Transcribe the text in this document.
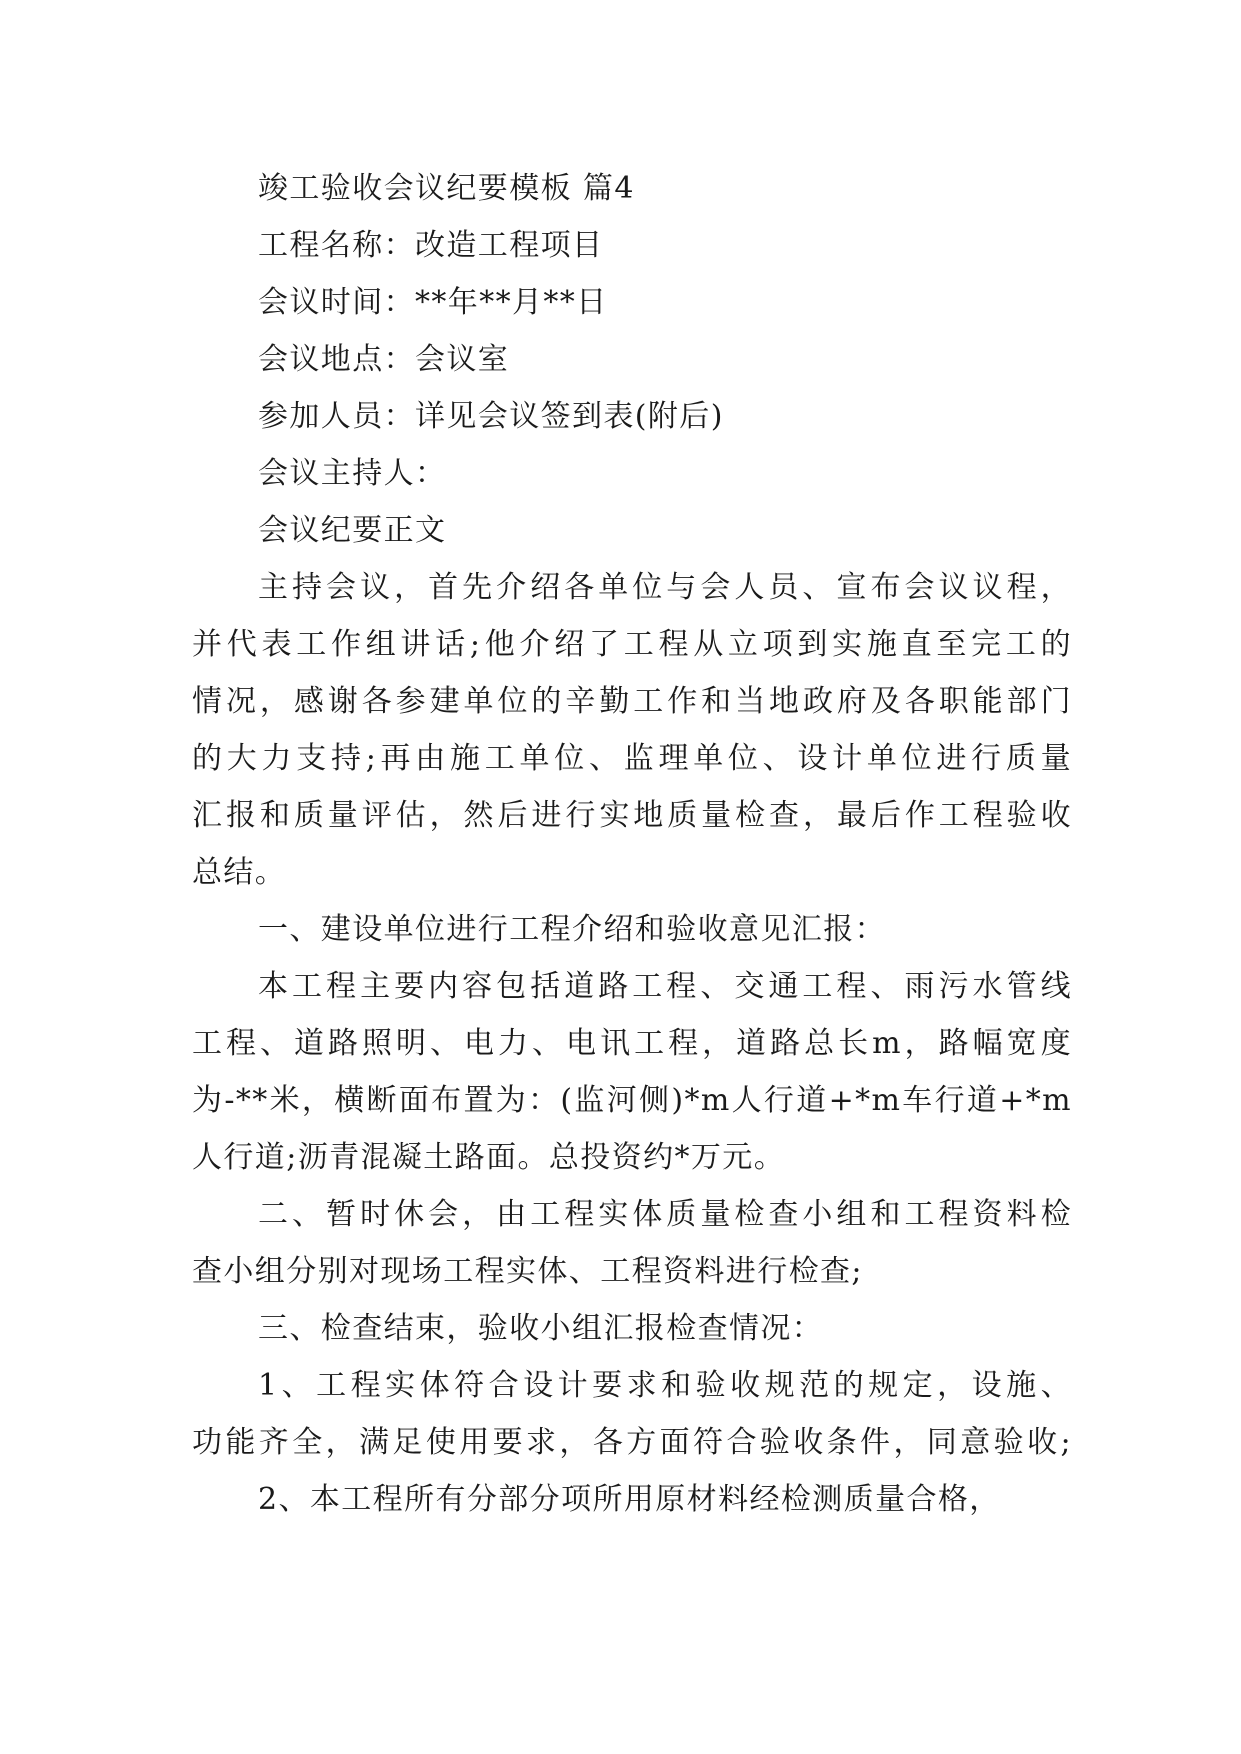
竣工验收会议纪要模板 篇4
工程名称：改造工程项目
会议时间：**年**月**日
会议地点：会议室
参加人员：详见会议签到表(附后)
会议主持人：
会议纪要正文
主持会议，首先介绍各单位与会人员、宣布会议议程，
并代表工作组讲话;他介绍了工程从立项到实施直至完工的
情况，感谢各参建单位的辛勤工作和当地政府及各职能部门
的大力支持;再由施工单位、监理单位、设计单位进行质量
汇报和质量评估，然后进行实地质量检查，最后作工程验收
总结。
一、建设单位进行工程介绍和验收意见汇报：
本工程主要内容包括道路工程、交通工程、雨污水管线
工程、道路照明、电力、电讯工程，道路总长m，路幅宽度
为-**米，横断面布置为：(监河侧)*m人行道+*m车行道+*m
人行道;沥青混凝土路面。总投资约*万元。
二、暂时休会，由工程实体质量检查小组和工程资料检
查小组分别对现场工程实体、工程资料进行检查;
三、检查结束，验收小组汇报检查情况：
1、工程实体符合设计要求和验收规范的规定，设施、
功能齐全，满足使用要求，各方面符合验收条件，同意验收;
2、本工程所有分部分项所用原材料经检测质量合格，
